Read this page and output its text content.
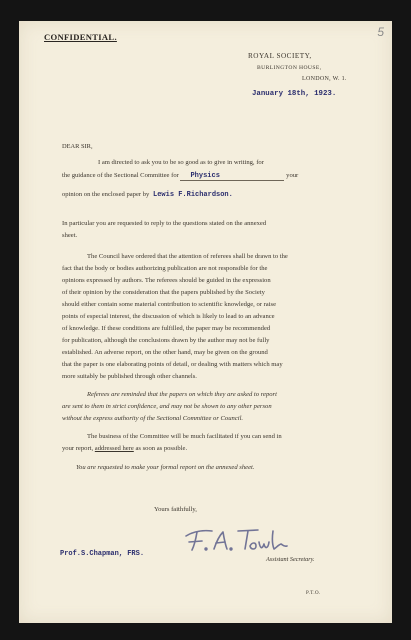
5
CONFIDENTIAL.
ROYAL SOCIETY,
BURLINGTON HOUSE,
LONDON, W. 1.
January 18th, 1923.
DEAR SIR,
I am directed to ask you to be so good as to give in writing, for
the guidance of the Sectional Committee for Physics	your
opinion on the enclosed paper by Lewis F.Richardson.
In particular you are requested to reply to the questions stated on the annexed
sheet.
The Council have ordered that the attention of referees shall be drawn to the
fact that the body or bodies authorizing publication are not responsible for the
opinions expressed by authors. The referees should be guided in the expression
of their opinion by the consideration that the papers published by the Society
should either contain some material contribution to scientific knowledge, or raise
points of especial interest, the discussion of which is likely to lead to an advance
of knowledge. If these conditions are fulfilled, the paper may be recommended
for publication, although the conclusions drawn by the author may not be fully
established. An adverse report, on the other hand, may be given on the ground
that the paper is one elaborating points of detail, or dealing with matters which may
more suitably be published through other channels.
Referees are reminded that the papers on which they are asked to report
are sent to them in strict confidence, and may not be shown to any other person
without the express authority of the Sectional Committee or Council.
The business of the Committee will be much facilitated if you can send in
your report, addressed here as soon as possible.
You are requested to make your formal report on the annexed sheet.
Yours faithfully,
Prof.S.Chapman, FRS.
Assistant Secretary.
P.T.O.
